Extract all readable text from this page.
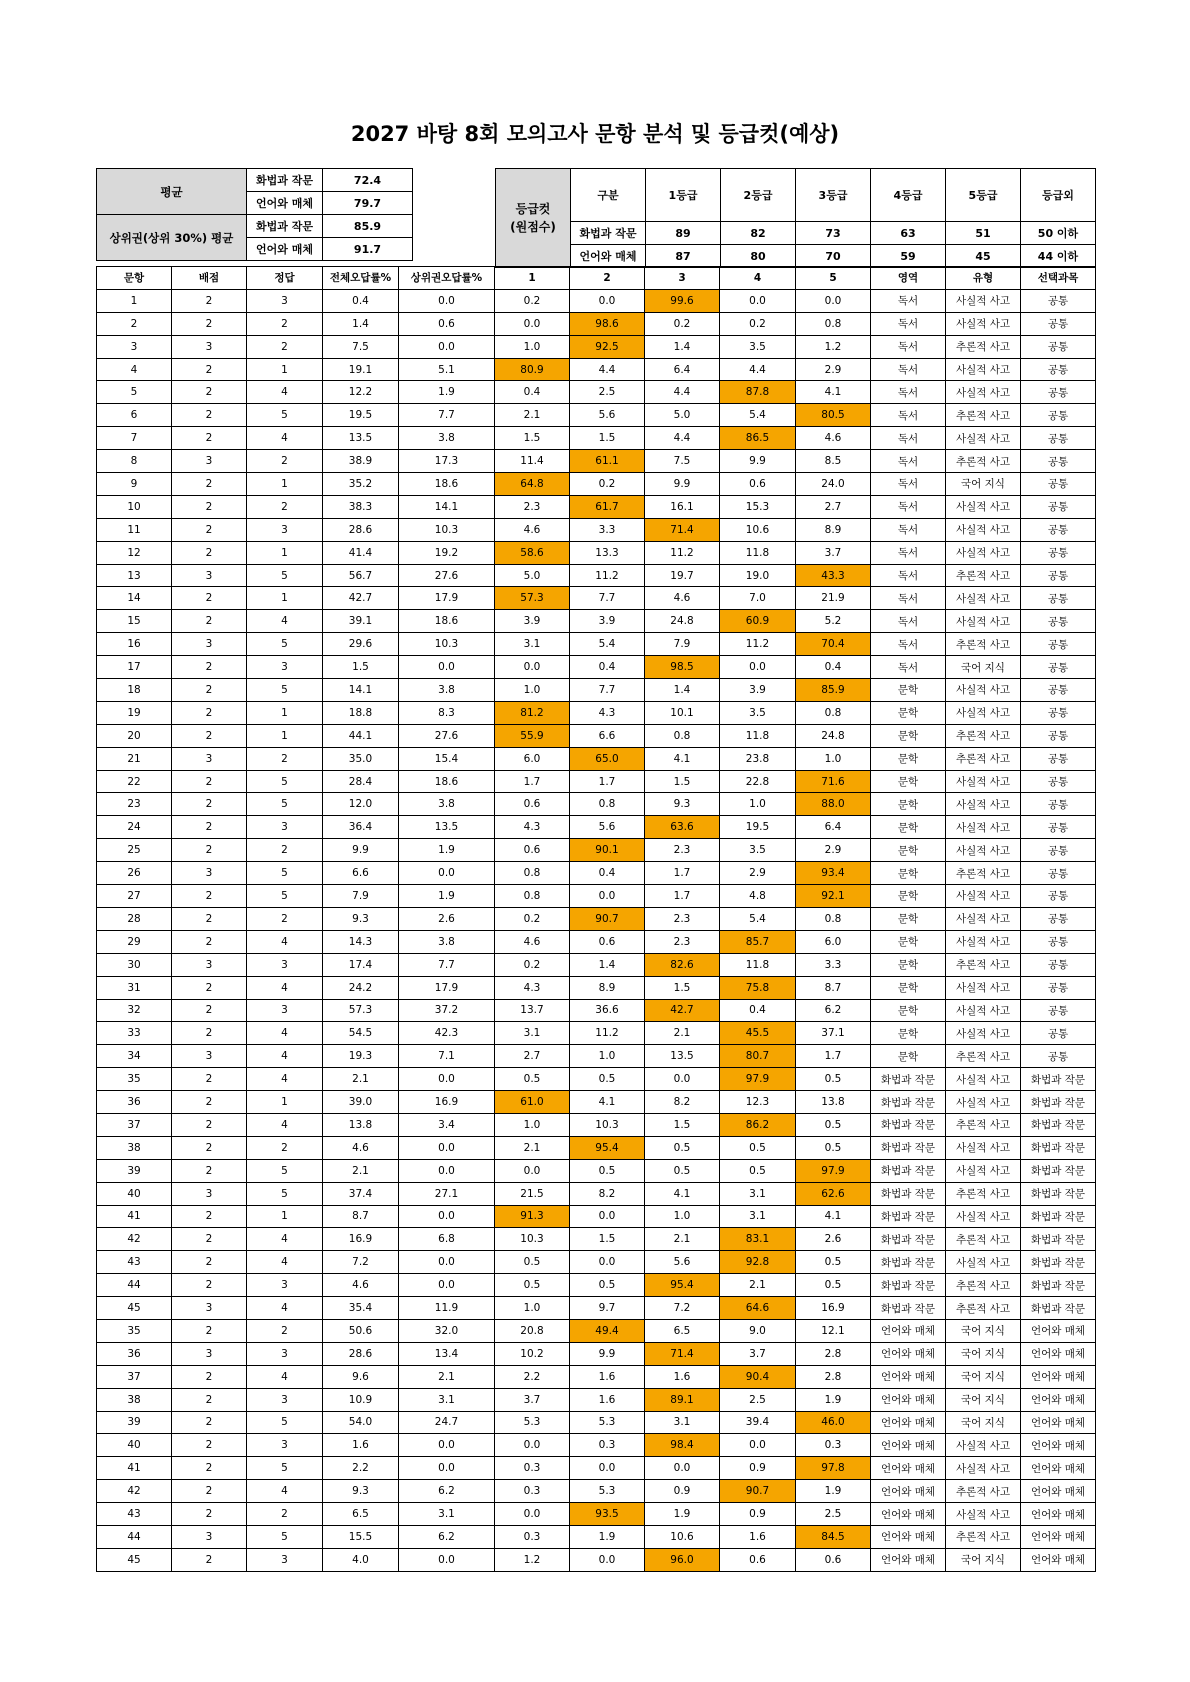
2027 바탕 8회 모의고사 문항 분석 및 등급컷(예상)
평균	화법과 작문	72.4
	언어와 매체	79.7
상위권(상위 30%) 평균	화법과 작문	85.9
	언어와 매체	91.7
등급컷
(원점수)	구분	1등급	2등급	3등급	4등급	5등급	등급외
	화법과 작문	89	82	73	63	51	50 이하
	언어와 매체	87	80	70	59	45	44 이하
문항	배점	정답	전체오답률%	상위권오답률%	1	2	3	4	5	영역	유형	선택과목
1	2	3	0.4	0.0	0.2	0.0	99.6	0.0	0.0	독서	사실적 사고	공통
2	2	2	1.4	0.6	0.0	98.6	0.2	0.2	0.8	독서	사실적 사고	공통
3	3	2	7.5	0.0	1.0	92.5	1.4	3.5	1.2	독서	추론적 사고	공통
4	2	1	19.1	5.1	80.9	4.4	6.4	4.4	2.9	독서	사실적 사고	공통
5	2	4	12.2	1.9	0.4	2.5	4.4	87.8	4.1	독서	사실적 사고	공통
6	2	5	19.5	7.7	2.1	5.6	5.0	5.4	80.5	독서	추론적 사고	공통
7	2	4	13.5	3.8	1.5	1.5	4.4	86.5	4.6	독서	사실적 사고	공통
8	3	2	38.9	17.3	11.4	61.1	7.5	9.9	8.5	독서	추론적 사고	공통
9	2	1	35.2	18.6	64.8	0.2	9.9	0.6	24.0	독서	국어 지식	공통
10	2	2	38.3	14.1	2.3	61.7	16.1	15.3	2.7	독서	사실적 사고	공통
11	2	3	28.6	10.3	4.6	3.3	71.4	10.6	8.9	독서	사실적 사고	공통
12	2	1	41.4	19.2	58.6	13.3	11.2	11.8	3.7	독서	사실적 사고	공통
13	3	5	56.7	27.6	5.0	11.2	19.7	19.0	43.3	독서	추론적 사고	공통
14	2	1	42.7	17.9	57.3	7.7	4.6	7.0	21.9	독서	사실적 사고	공통
15	2	4	39.1	18.6	3.9	3.9	24.8	60.9	5.2	독서	사실적 사고	공통
16	3	5	29.6	10.3	3.1	5.4	7.9	11.2	70.4	독서	추론적 사고	공통
17	2	3	1.5	0.0	0.0	0.4	98.5	0.0	0.4	독서	국어 지식	공통
18	2	5	14.1	3.8	1.0	7.7	1.4	3.9	85.9	문학	사실적 사고	공통
19	2	1	18.8	8.3	81.2	4.3	10.1	3.5	0.8	문학	사실적 사고	공통
20	2	1	44.1	27.6	55.9	6.6	0.8	11.8	24.8	문학	추론적 사고	공통
21	3	2	35.0	15.4	6.0	65.0	4.1	23.8	1.0	문학	추론적 사고	공통
22	2	5	28.4	18.6	1.7	1.7	1.5	22.8	71.6	문학	사실적 사고	공통
23	2	5	12.0	3.8	0.6	0.8	9.3	1.0	88.0	문학	사실적 사고	공통
24	2	3	36.4	13.5	4.3	5.6	63.6	19.5	6.4	문학	사실적 사고	공통
25	2	2	9.9	1.9	0.6	90.1	2.3	3.5	2.9	문학	사실적 사고	공통
26	3	5	6.6	0.0	0.8	0.4	1.7	2.9	93.4	문학	추론적 사고	공통
27	2	5	7.9	1.9	0.8	0.0	1.7	4.8	92.1	문학	사실적 사고	공통
28	2	2	9.3	2.6	0.2	90.7	2.3	5.4	0.8	문학	사실적 사고	공통
29	2	4	14.3	3.8	4.6	0.6	2.3	85.7	6.0	문학	사실적 사고	공통
30	3	3	17.4	7.7	0.2	1.4	82.6	11.8	3.3	문학	추론적 사고	공통
31	2	4	24.2	17.9	4.3	8.9	1.5	75.8	8.7	문학	사실적 사고	공통
32	2	3	57.3	37.2	13.7	36.6	42.7	0.4	6.2	문학	사실적 사고	공통
33	2	4	54.5	42.3	3.1	11.2	2.1	45.5	37.1	문학	사실적 사고	공통
34	3	4	19.3	7.1	2.7	1.0	13.5	80.7	1.7	문학	추론적 사고	공통
35	2	4	2.1	0.0	0.5	0.5	0.0	97.9	0.5	화법과 작문	사실적 사고	화법과 작문
36	2	1	39.0	16.9	61.0	4.1	8.2	12.3	13.8	화법과 작문	사실적 사고	화법과 작문
37	2	4	13.8	3.4	1.0	10.3	1.5	86.2	0.5	화법과 작문	추론적 사고	화법과 작문
38	2	2	4.6	0.0	2.1	95.4	0.5	0.5	0.5	화법과 작문	사실적 사고	화법과 작문
39	2	5	2.1	0.0	0.0	0.5	0.5	0.5	97.9	화법과 작문	사실적 사고	화법과 작문
40	3	5	37.4	27.1	21.5	8.2	4.1	3.1	62.6	화법과 작문	추론적 사고	화법과 작문
41	2	1	8.7	0.0	91.3	0.0	1.0	3.1	4.1	화법과 작문	사실적 사고	화법과 작문
42	2	4	16.9	6.8	10.3	1.5	2.1	83.1	2.6	화법과 작문	추론적 사고	화법과 작문
43	2	4	7.2	0.0	0.5	0.0	5.6	92.8	0.5	화법과 작문	사실적 사고	화법과 작문
44	2	3	4.6	0.0	0.5	0.5	95.4	2.1	0.5	화법과 작문	추론적 사고	화법과 작문
45	3	4	35.4	11.9	1.0	9.7	7.2	64.6	16.9	화법과 작문	추론적 사고	화법과 작문
35	2	2	50.6	32.0	20.8	49.4	6.5	9.0	12.1	언어와 매체	국어 지식	언어와 매체
36	3	3	28.6	13.4	10.2	9.9	71.4	3.7	2.8	언어와 매체	국어 지식	언어와 매체
37	2	4	9.6	2.1	2.2	1.6	1.6	90.4	2.8	언어와 매체	국어 지식	언어와 매체
38	2	3	10.9	3.1	3.7	1.6	89.1	2.5	1.9	언어와 매체	국어 지식	언어와 매체
39	2	5	54.0	24.7	5.3	5.3	3.1	39.4	46.0	언어와 매체	국어 지식	언어와 매체
40	2	3	1.6	0.0	0.0	0.3	98.4	0.0	0.3	언어와 매체	사실적 사고	언어와 매체
41	2	5	2.2	0.0	0.3	0.0	0.0	0.9	97.8	언어와 매체	사실적 사고	언어와 매체
42	2	4	9.3	6.2	0.3	5.3	0.9	90.7	1.9	언어와 매체	추론적 사고	언어와 매체
43	2	2	6.5	3.1	0.0	93.5	1.9	0.9	2.5	언어와 매체	사실적 사고	언어와 매체
44	3	5	15.5	6.2	0.3	1.9	10.6	1.6	84.5	언어와 매체	추론적 사고	언어와 매체
45	2	3	4.0	0.0	1.2	0.0	96.0	0.6	0.6	언어와 매체	국어 지식	언어와 매체
